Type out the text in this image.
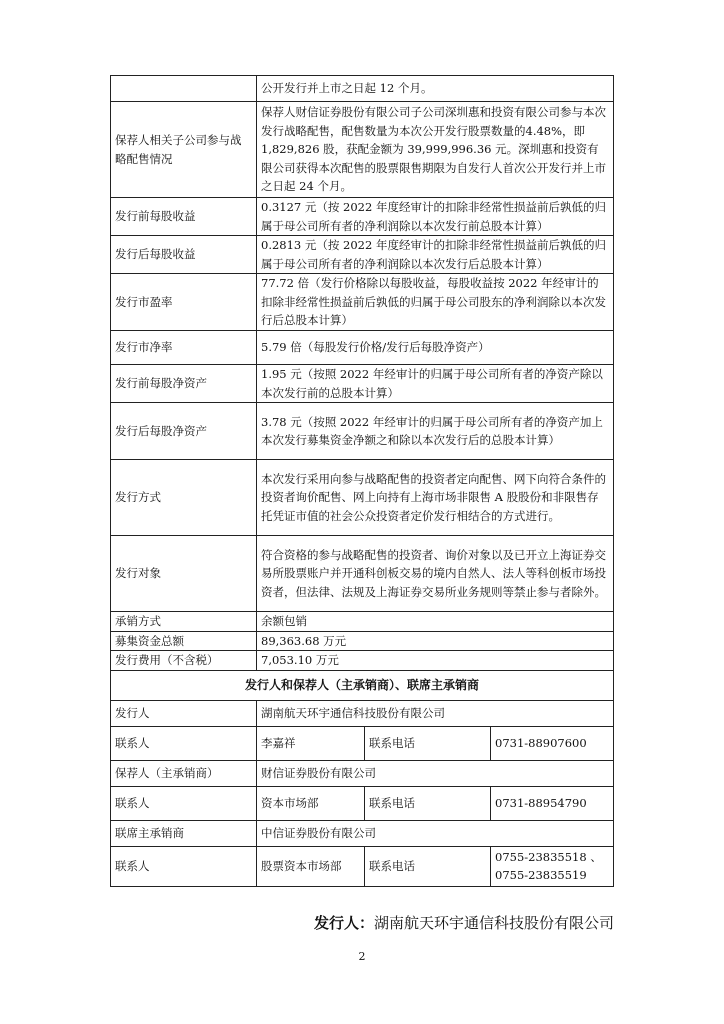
	公开发行并上市之日起 12 个月。		
保荐人相关子公司参与战略配售情况	保荐人财信证券股份有限公司子公司深圳惠和投资有限公司参与本次发行战略配售，配售数量为本次公开发行股票数量的4.48%，即 1,829,826 股，获配金额为 39,999,996.36 元。深圳惠和投资有限公司获得本次配售的股票限售期限为自发行人首次公开发行并上市之日起 24 个月。		
发行前每股收益	0.3127 元（按 2022 年度经审计的扣除非经常性损益前后孰低的归属于母公司所有者的净利润除以本次发行前总股本计算）		
发行后每股收益	0.2813 元（按 2022 年度经审计的扣除非经常性损益前后孰低的归属于母公司所有者的净利润除以本次发行后总股本计算）		
发行市盈率	77.72 倍（发行价格除以每股收益，每股收益按 2022 年经审计的扣除非经常性损益前后孰低的归属于母公司股东的净利润除以本次发行后总股本计算）		
发行市净率	5.79 倍（每股发行价格/发行后每股净资产）		
发行前每股净资产	1.95 元（按照 2022 年经审计的归属于母公司所有者的净资产除以本次发行前的总股本计算）		
发行后每股净资产	3.78 元（按照 2022 年经审计的归属于母公司所有者的净资产加上本次发行募集资金净额之和除以本次发行后的总股本计算）		
发行方式	本次发行采用向参与战略配售的投资者定向配售、网下向符合条件的投资者询价配售、网上向持有上海市场非限售 A 股股份和非限售存托凭证市值的社会公众投资者定价发行相结合的方式进行。		
发行对象	符合资格的参与战略配售的投资者、询价对象以及已开立上海证券交易所股票账户并开通科创板交易的境内自然人、法人等科创板市场投资者，但法律、法规及上海证券交易所业务规则等禁止参与者除外。		
承销方式	余额包销		
募集资金总额	89,363.68 万元		
发行费用（不含税）	7,053.10 万元		
发行人和保荐人（主承销商）、联席主承销商			
发行人	湖南航天环宇通信科技股份有限公司		
联系人	李嘉祥	联系电话	0731-88907600
保荐人（主承销商）	财信证券股份有限公司		
联系人	资本市场部	联系电话	0731-88954790
联席主承销商	中信证券股份有限公司		
联系人	股票资本市场部	联系电话	0755-23835518 、0755-23835519
发行人：湖南航天环宇通信科技股份有限公司
2
